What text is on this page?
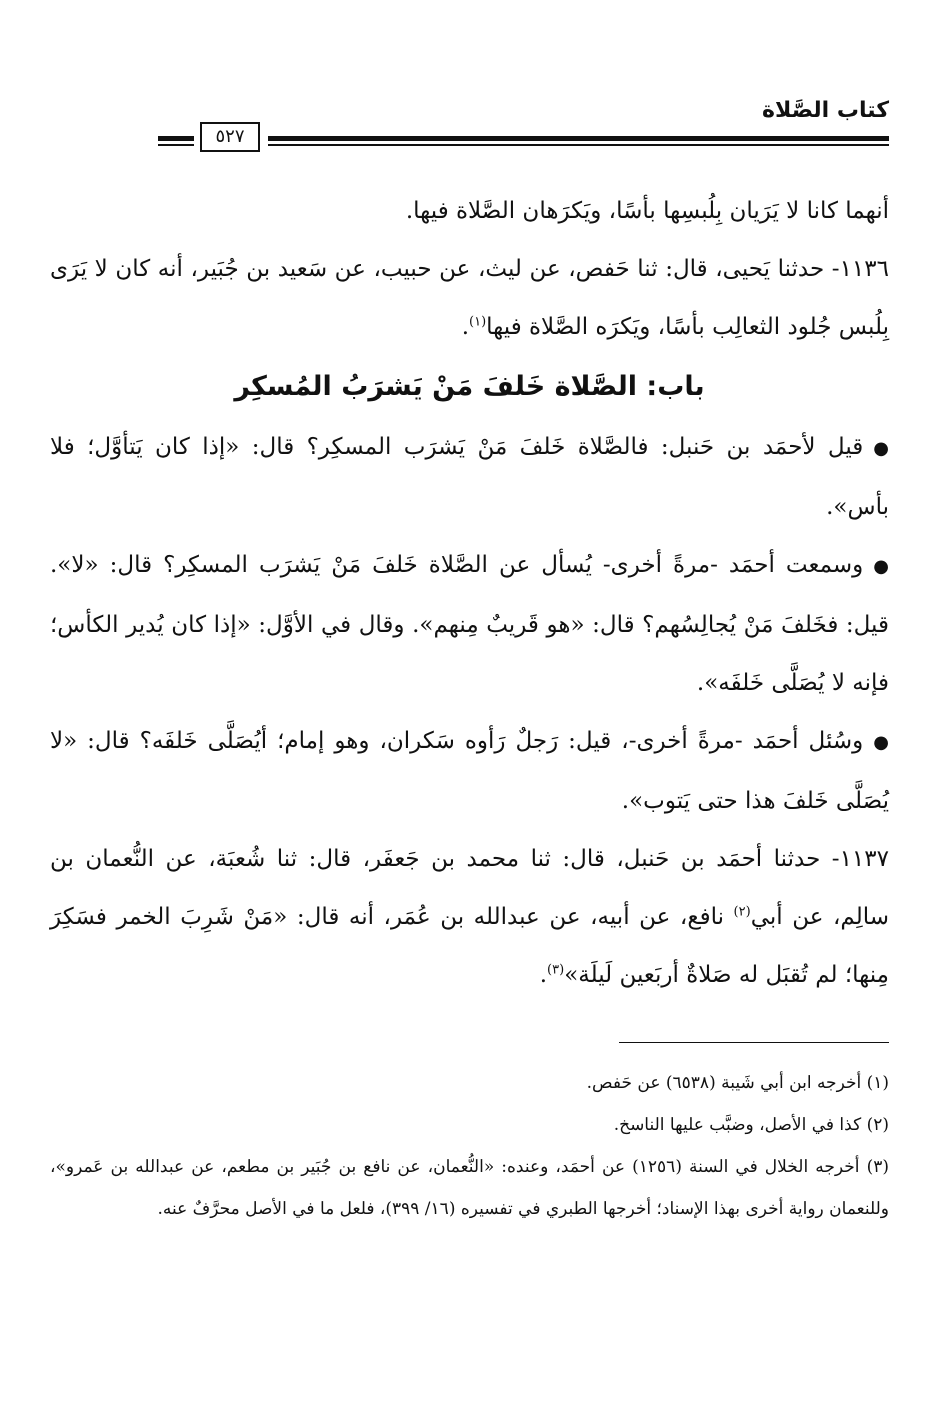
كتاب الصَّلاة
٥٢٧

أنهما كانا لا يَرَيان بِلُبسِها بأسًا، ويَكرَهان الصَّلاة فيها.

١١٣٦- حدثنا يَحيى، قال: ثنا حَفص، عن ليث، عن حبيب، عن سَعيد بن جُبَير، أنه كان لا يَرَى بِلُبس جُلود الثعالِب بأسًا، ويَكرَه الصَّلاة فيها$^{(١)}$.

باب: الصَّلاة خَلفَ مَنْ يَشرَبُ المُسكِر

●قيل لأحمَد بن حَنبل: فالصَّلاة خَلفَ مَنْ يَشرَب المسكِر؟ قال: «إذا كان يَتأوَّل؛ فلا بأس».

●وسمعت أحمَد -مرةً أخرى- يُسأل عن الصَّلاة خَلفَ مَنْ يَشرَب المسكِر؟ قال: «لا». قيل: فخَلفَ مَنْ يُجالِسُهم؟ قال: «هو قَريبٌ مِنهم». وقال في الأوَّل: «إذا كان يُدير الكأس؛ فإنه لا يُصَلَّى خَلفَه».

●وسُئل أحمَد -مرةً أخرى-، قيل: رَجلٌ رَأوه سَكران، وهو إمام؛ أيُصَلَّى خَلفَه؟ قال: «لا يُصَلَّى خَلفَ هذا حتى يَتوب».

١١٣٧- حدثنا أحمَد بن حَنبل، قال: ثنا محمد بن جَعفَر، قال: ثنا شُعبَة، عن النُّعمان بن سالِم، عن أبي$^{(٢)}$ نافع، عن أبيه، عن عبدالله بن عُمَر، أنه قال: «مَنْ شَرِبَ الخمر فسَكِرَ مِنها؛ لم تُقبَل له صَلاةٌ أربَعين لَيلَة»$^{(٣)}$.

(١) أخرجه ابن أبي شَيبة (٦٥٣٨) عن حَفص.

(٢) كذا في الأصل، وضبَّب عليها الناسخ.

(٣) أخرجه الخلال في السنة (١٢٥٦) عن أحمَد، وعنده: «النُّعمان، عن نافع بن جُبَير بن مطعم، عن عبدالله بن عَمرو»، وللنعمان رواية أخرى بهذا الإسناد؛ أخرجها الطبري في تفسيره (١٦/ ٣٩٩)، فلعل ما في الأصل محرَّفٌ عنه.
